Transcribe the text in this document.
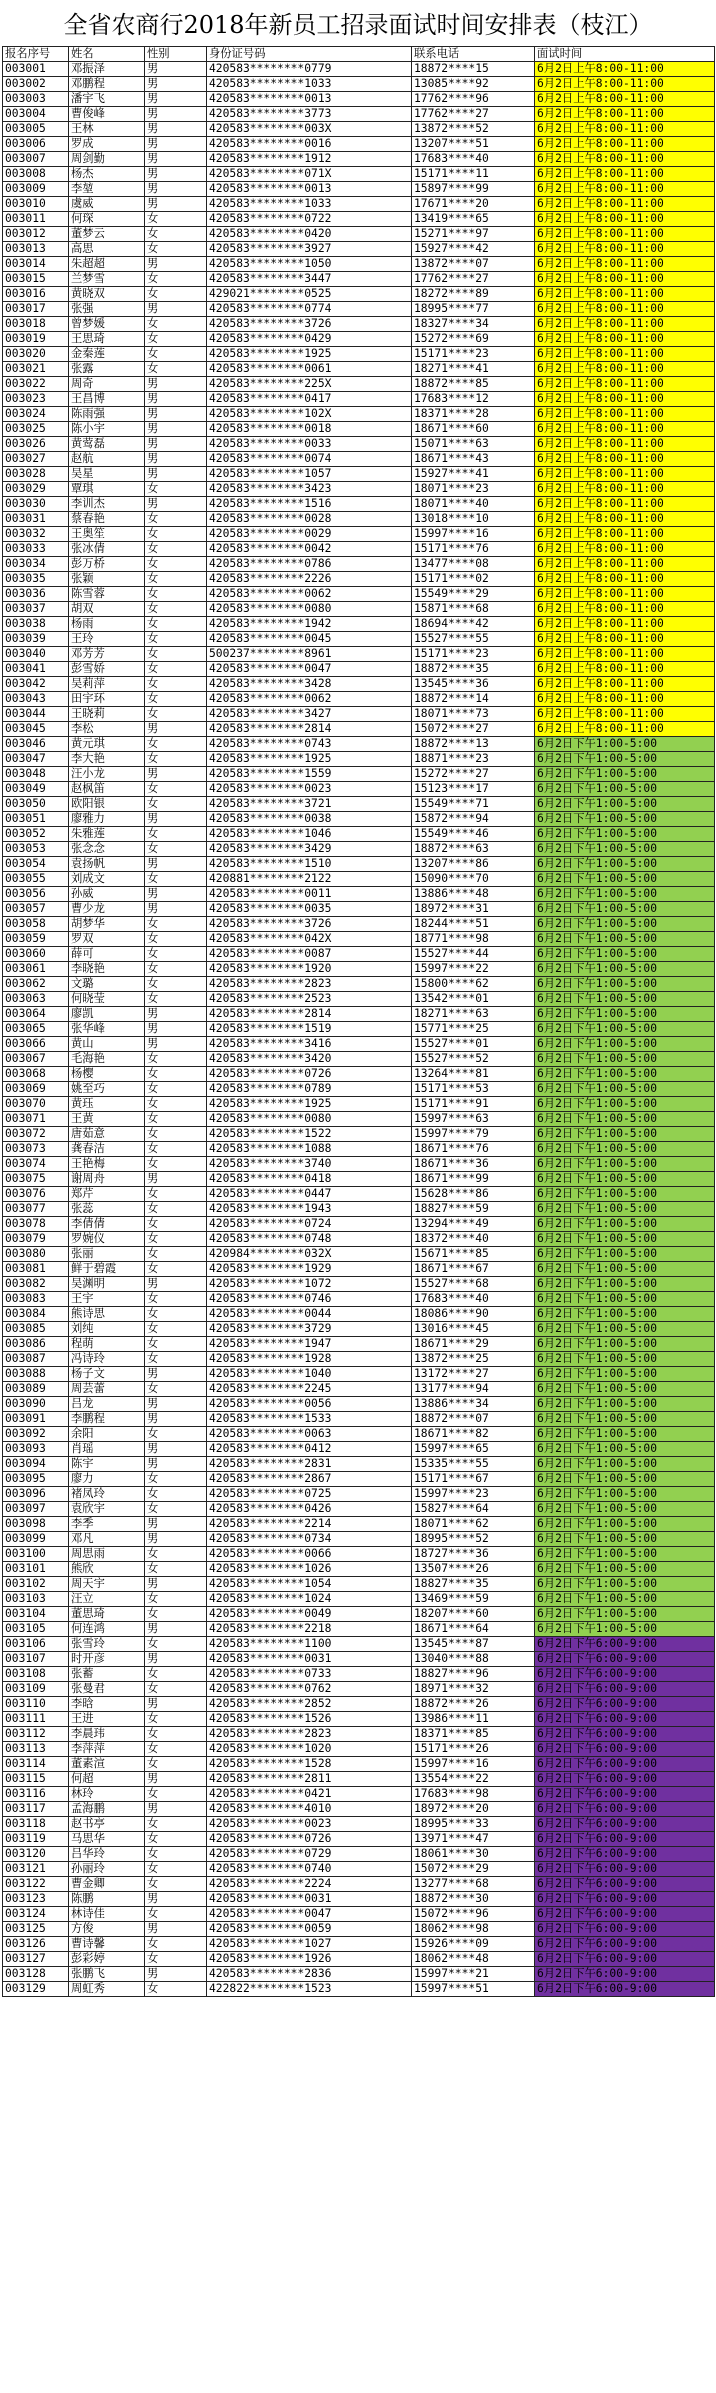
全省农商行2018年新员工招录面试时间安排表（枝江）
报名序号	姓名	性别	身份证号码	联系电话	面试时间
003001	邓振泽	男	420583********0779	18872****15	6月2日上午8:00-11:00
003002	邓鹏程	男	420583********1033	13085****92	6月2日上午8:00-11:00
003003	潘宇飞	男	420583********0013	17762****96	6月2日上午8:00-11:00
003004	曹俊峰	男	420583********3773	17762****27	6月2日上午8:00-11:00
003005	王林	男	420583********003X	13872****52	6月2日上午8:00-11:00
003006	罗成	男	420583********0016	13207****51	6月2日上午8:00-11:00
003007	周剑勤	男	420583********1912	17683****40	6月2日上午8:00-11:00
003008	杨杰	男	420583********071X	15171****11	6月2日上午8:00-11:00
003009	李堃	男	420583********0013	15897****99	6月2日上午8:00-11:00
003010	虞威	男	420583********1033	17671****20	6月2日上午8:00-11:00
003011	何琛	女	420583********0722	13419****65	6月2日上午8:00-11:00
003012	董梦云	女	420583********0420	15271****97	6月2日上午8:00-11:00
003013	高思	女	420583********3927	15927****42	6月2日上午8:00-11:00
003014	朱超超	男	420583********1050	13872****07	6月2日上午8:00-11:00
003015	兰梦雪	女	420583********3447	17762****27	6月2日上午8:00-11:00
003016	黄晓双	女	429021********0525	18272****89	6月2日上午8:00-11:00
003017	张强	男	420583********0774	18995****77	6月2日上午8:00-11:00
003018	曾梦媛	女	420583********3726	18327****34	6月2日上午8:00-11:00
003019	王思琦	女	420583********0429	15272****69	6月2日上午8:00-11:00
003020	金秦莲	女	420583********1925	15171****23	6月2日上午8:00-11:00
003021	张露	女	420583********0061	18271****41	6月2日上午8:00-11:00
003022	周奇	男	420583********225X	18872****85	6月2日上午8:00-11:00
003023	王昌博	男	420583********0417	17683****12	6月2日上午8:00-11:00
003024	陈雨强	男	420583********102X	18371****28	6月2日上午8:00-11:00
003025	陈小宇	男	420583********0018	18671****60	6月2日上午8:00-11:00
003026	黄莺磊	男	420583********0033	15071****63	6月2日上午8:00-11:00
003027	赵航	男	420583********0074	18671****43	6月2日上午8:00-11:00
003028	吴星	男	420583********1057	15927****41	6月2日上午8:00-11:00
003029	覃琪	女	420583********3423	18071****23	6月2日上午8:00-11:00
003030	李训杰	男	420583********1516	18071****40	6月2日上午8:00-11:00
003031	蔡春艳	女	420583********0028	13018****10	6月2日上午8:00-11:00
003032	王奥笙	女	420583********0029	15997****16	6月2日上午8:00-11:00
003033	张冰倩	女	420583********0042	15171****76	6月2日上午8:00-11:00
003034	彭万桥	女	420583********0786	13477****08	6月2日上午8:00-11:00
003035	张颖	女	420583********2226	15171****02	6月2日上午8:00-11:00
003036	陈雪蓉	女	420583********0062	15549****29	6月2日上午8:00-11:00
003037	胡双	女	420583********0080	15871****68	6月2日上午8:00-11:00
003038	杨雨	女	420583********1942	18694****42	6月2日上午8:00-11:00
003039	王玲	女	420583********0045	15527****55	6月2日上午8:00-11:00
003040	邓芳芳	女	500237********8961	15171****23	6月2日上午8:00-11:00
003041	彭雪娇	女	420583********0047	18872****35	6月2日上午8:00-11:00
003042	吴莉萍	女	420583********3428	13545****36	6月2日上午8:00-11:00
003043	田宇环	女	420583********0062	18872****14	6月2日上午8:00-11:00
003044	王晓莉	女	420583********3427	18071****73	6月2日上午8:00-11:00
003045	李松	男	420583********2814	15072****27	6月2日上午8:00-11:00
003046	黄元琪	女	420583********0743	18872****13	6月2日下午1:00-5:00
003047	李大艳	女	420583********1925	18871****23	6月2日下午1:00-5:00
003048	汪小龙	男	420583********1559	15272****27	6月2日下午1:00-5:00
003049	赵枫笛	女	420583********0023	15123****17	6月2日下午1:00-5:00
003050	欧阳银	女	420583********3721	15549****71	6月2日下午1:00-5:00
003051	廖雅力	男	420583********0038	15872****94	6月2日下午1:00-5:00
003052	朱雅莲	女	420583********1046	15549****46	6月2日下午1:00-5:00
003053	张念念	女	420583********3429	18872****63	6月2日下午1:00-5:00
003054	袁扬帆	男	420583********1510	13207****86	6月2日下午1:00-5:00
003055	刘成文	女	420881********2122	15090****70	6月2日下午1:00-5:00
003056	孙威	男	420583********0011	13886****48	6月2日下午1:00-5:00
003057	曹少龙	男	420583********0035	18972****31	6月2日下午1:00-5:00
003058	胡梦华	女	420583********3726	18244****51	6月2日下午1:00-5:00
003059	罗双	女	420583********042X	18771****98	6月2日下午1:00-5:00
003060	薛可	女	420583********0087	15527****44	6月2日下午1:00-5:00
003061	李晓艳	女	420583********1920	15997****22	6月2日下午1:00-5:00
003062	文璐	女	420583********2823	15800****62	6月2日下午1:00-5:00
003063	何晓莹	女	420583********2523	13542****01	6月2日下午1:00-5:00
003064	廖凯	男	420583********2814	18271****63	6月2日下午1:00-5:00
003065	张华峰	男	420583********1519	15771****25	6月2日下午1:00-5:00
003066	黄山	男	420583********3416	15527****01	6月2日下午1:00-5:00
003067	毛海艳	女	420583********3420	15527****52	6月2日下午1:00-5:00
003068	杨樱	女	420583********0726	13264****81	6月2日下午1:00-5:00
003069	姚至巧	女	420583********0789	15171****53	6月2日下午1:00-5:00
003070	黄珏	女	420583********1925	15171****91	6月2日下午1:00-5:00
003071	王黄	女	420583********0080	15997****63	6月2日下午1:00-5:00
003072	唐茹意	女	420583********1522	15997****79	6月2日下午1:00-5:00
003073	龚春洁	女	420583********1088	18671****76	6月2日下午1:00-5:00
003074	王艳梅	女	420583********3740	18671****36	6月2日下午1:00-5:00
003075	谢周舟	男	420583********0418	18671****99	6月2日下午1:00-5:00
003076	郑芹	女	420583********0447	15628****86	6月2日下午1:00-5:00
003077	张蕊	女	420583********1943	18827****59	6月2日下午1:00-5:00
003078	李倩倩	女	420583********0724	13294****49	6月2日下午1:00-5:00
003079	罗婉仪	女	420583********0748	18372****40	6月2日下午1:00-5:00
003080	张丽	女	420984********032X	15671****85	6月2日下午1:00-5:00
003081	鲜于碧霞	女	420583********1929	18671****67	6月2日下午1:00-5:00
003082	吴渊明	男	420583********1072	15527****68	6月2日下午1:00-5:00
003083	王宇	女	420583********0746	17683****40	6月2日下午1:00-5:00
003084	熊诗思	女	420583********0044	18086****90	6月2日下午1:00-5:00
003085	刘纯	女	420583********3729	13016****45	6月2日下午1:00-5:00
003086	程萌	女	420583********1947	18671****29	6月2日下午1:00-5:00
003087	冯诗玲	女	420583********1928	13872****25	6月2日下午1:00-5:00
003088	杨子文	男	420583********1040	13172****27	6月2日下午1:00-5:00
003089	周芸蕾	女	420583********2245	13177****94	6月2日下午1:00-5:00
003090	吕龙	男	420583********0056	13886****34	6月2日下午1:00-5:00
003091	李鹏程	男	420583********1533	18872****07	6月2日下午1:00-5:00
003092	余阳	女	420583********0063	18671****82	6月2日下午1:00-5:00
003093	肖瑶	男	420583********0412	15997****65	6月2日下午1:00-5:00
003094	陈宇	男	420583********2831	15335****55	6月2日下午1:00-5:00
003095	廖力	女	420583********2867	15171****67	6月2日下午1:00-5:00
003096	褚凤玲	女	420583********0725	15997****23	6月2日下午1:00-5:00
003097	袁欣宇	女	420583********0426	15827****64	6月2日下午1:00-5:00
003098	李季	男	420583********2214	18071****62	6月2日下午1:00-5:00
003099	邓凡	男	420583********0734	18995****52	6月2日下午1:00-5:00
003100	周思雨	女	420583********0066	18727****36	6月2日下午1:00-5:00
003101	熊欣	女	420583********1026	13507****26	6月2日下午1:00-5:00
003102	周天宇	男	420583********1054	18827****35	6月2日下午1:00-5:00
003103	汪立	女	420583********1024	13469****59	6月2日下午1:00-5:00
003104	董思琦	女	420583********0049	18207****60	6月2日下午1:00-5:00
003105	何连鸿	男	420583********2218	18671****64	6月2日下午1:00-5:00
003106	张雪玲	女	420583********1100	13545****87	6月2日下午6:00-9:00
003107	时开彦	男	420583********0031	13040****88	6月2日下午6:00-9:00
003108	张蓄	女	420583********0733	18827****96	6月2日下午6:00-9:00
003109	张曼君	女	420583********0762	18971****32	6月2日下午6:00-9:00
003110	李晗	男	420583********2852	18872****26	6月2日下午6:00-9:00
003111	王进	女	420583********1526	13986****11	6月2日下午6:00-9:00
003112	李晨玮	女	420583********2823	18371****85	6月2日下午6:00-9:00
003113	李萍萍	女	420583********1020	15171****26	6月2日下午6:00-9:00
003114	董素渲	女	420583********1528	15997****16	6月2日下午6:00-9:00
003115	何超	男	420583********2811	13554****22	6月2日下午6:00-9:00
003116	林玲	女	420583********0421	17683****98	6月2日下午6:00-9:00
003117	孟海鹏	男	420583********4010	18972****20	6月2日下午6:00-9:00
003118	赵书亭	女	420583********0023	18995****33	6月2日下午6:00-9:00
003119	马思华	女	420583********0726	13971****47	6月2日下午6:00-9:00
003120	吕华玲	女	420583********0729	18061****30	6月2日下午6:00-9:00
003121	孙丽玲	女	420583********0740	15072****29	6月2日下午6:00-9:00
003122	曹金卿	女	420583********2224	13277****68	6月2日下午6:00-9:00
003123	陈鹏	男	420583********0031	18872****30	6月2日下午6:00-9:00
003124	林诗佳	女	420583********0047	15072****96	6月2日下午6:00-9:00
003125	方俊	男	420583********0059	18062****98	6月2日下午6:00-9:00
003126	曹诗馨	女	420583********1027	15926****09	6月2日下午6:00-9:00
003127	彭彩婷	女	420583********1926	18062****48	6月2日下午6:00-9:00
003128	张鹏飞	男	420583********2836	15997****21	6月2日下午6:00-9:00
003129	周虹秀	女	422822********1523	15997****51	6月2日下午6:00-9:00
